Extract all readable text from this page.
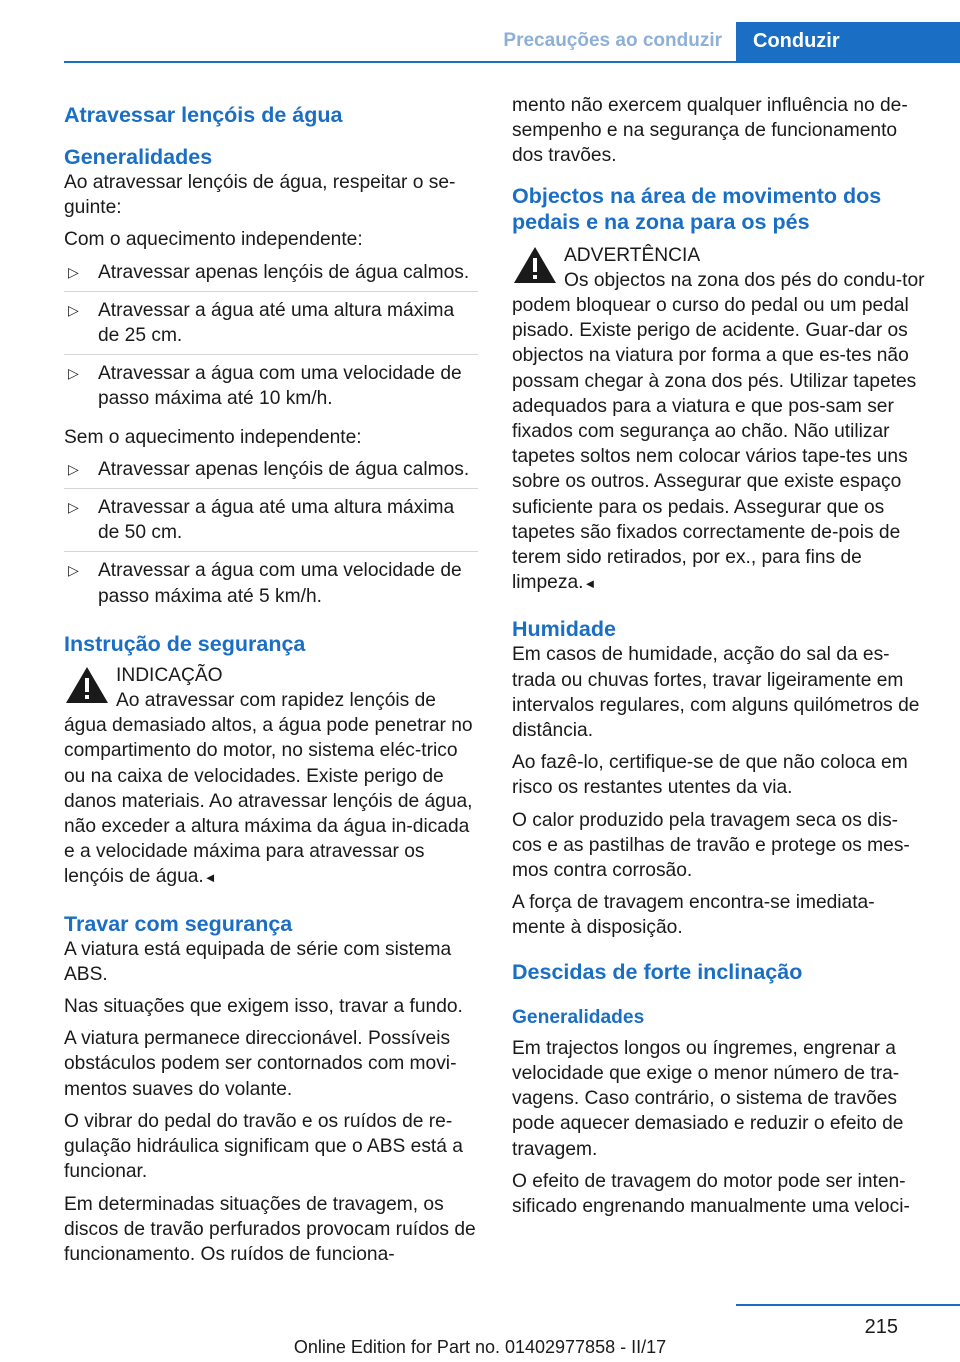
Precauções ao conduzir	Conduzir
Atravessar lençóis de água
Generalidades

Ao atravessar lençóis de água, respeitar o se-guinte:

Com o aquecimento independente:

▷ Atravessar apenas lençóis de água calmos.
▷ Atravessar a água até uma altura máxima de 25 cm.
▷ Atravessar a água com uma velocidade de passo máxima até 10 km/h.

Sem o aquecimento independente:

▷ Atravessar apenas lençóis de água calmos.
▷ Atravessar a água até uma altura máxima de 50 cm.
▷ Atravessar a água com uma velocidade de passo máxima até 5 km/h.
Instrução de segurança
INDICAÇÃO
Ao atravessar com rapidez lençóis de água demasiado altos, a água pode penetrar no compartimento do motor, no sistema eléc-trico ou na caixa de velocidades. Existe perigo de danos materiais. Ao atravessar lençóis de água, não exceder a altura máxima da água in-dicada e a velocidade máxima para atravessar os lençóis de água.◄
Travar com segurança

A viatura está equipada de série com sistema ABS.

Nas situações que exigem isso, travar a fundo.

A viatura permanece direccionável. Possíveis obstáculos podem ser contornados com movi-mentos suaves do volante.

O vibrar do pedal do travão e os ruídos de re-gulação hidráulica significam que o ABS está a funcionar.

Em determinadas situações de travagem, os discos de travão perfurados provocam ruídos de funcionamento. Os ruídos de funciona-

mento não exercem qualquer influência no de-sempenho e na segurança de funcionamento dos travões.

Objectos na área de movimento dos pedais e na zona para os pés
ADVERTÊNCIA
Os objectos na zona dos pés do condu-tor podem bloquear o curso do pedal ou um pedal pisado. Existe perigo de acidente. Guar-dar os objectos na viatura por forma a que es-tes não possam chegar à zona dos pés. Utilizar tapetes adequados para a viatura e que pos-sam ser fixados com segurança ao chão. Não utilizar tapetes soltos nem colocar vários tape-tes uns sobre os outros. Assegurar que existe espaço suficiente para os pedais. Assegurar que os tapetes são fixados correctamente de-pois de terem sido retirados, por ex., para fins de limpeza.◄
Humidade

Em casos de humidade, acção do sal da es-trada ou chuvas fortes, travar ligeiramente em intervalos regulares, com alguns quilómetros de distância.

Ao fazê-lo, certifique-se de que não coloca em risco os restantes utentes da via.

O calor produzido pela travagem seca os dis-cos e as pastilhas de travão e protege os mes-mos contra corrosão.

A força de travagem encontra-se imediata-mente à disposição.

Descidas de forte inclinação
Generalidades

Em trajectos longos ou íngremes, engrenar a velocidade que exige o menor número de tra-vagens. Caso contrário, o sistema de travões pode aquecer demasiado e reduzir o efeito de travagem.

O efeito de travagem do motor pode ser inten-sificado engrenando manualmente uma veloci-

215
Online Edition for Part no. 01402977858 - II/17
